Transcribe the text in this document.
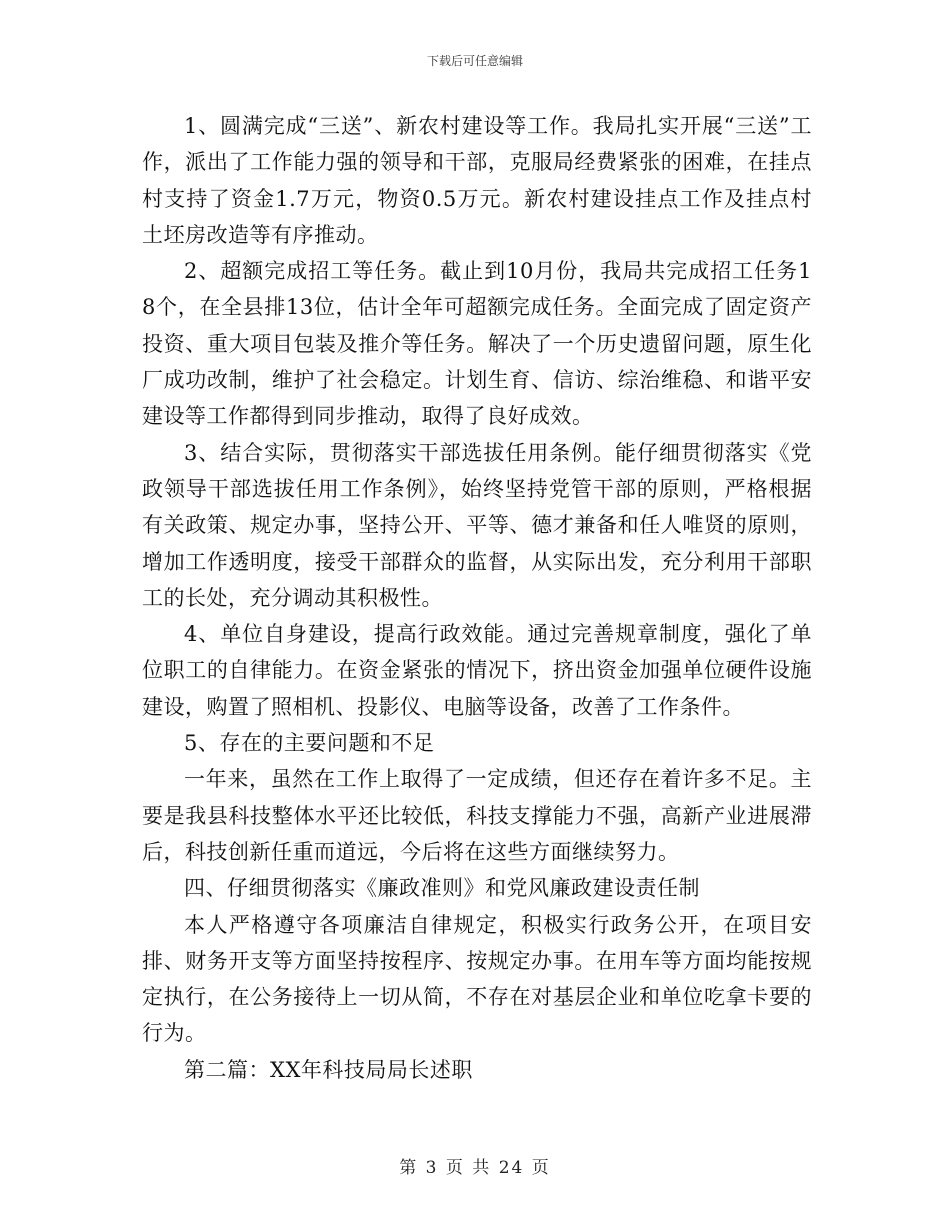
下载后可任意编辑

1、圆满完成“三送”、新农村建设等工作。我局扎实开展“三送”工作，派出了工作能力强的领导和干部，克服局经费紧张的困难，在挂点村支持了资金1.7万元，物资0.5万元。新农村建设挂点工作及挂点村土坯房改造等有序推动。

2、超额完成招工等任务。截止到10月份，我局共完成招工任务18个，在全县排13位，估计全年可超额完成任务。全面完成了固定资产投资、重大项目包装及推介等任务。解决了一个历史遗留问题，原生化厂成功改制，维护了社会稳定。计划生育、信访、综治维稳、和谐平安建设等工作都得到同步推动，取得了良好成效。

3、结合实际，贯彻落实干部选拔任用条例。能仔细贯彻落实《党政领导干部选拔任用工作条例》，始终坚持党管干部的原则，严格根据有关政策、规定办事，坚持公开、平等、德才兼备和任人唯贤的原则，增加工作透明度，接受干部群众的监督，从实际出发，充分利用干部职工的长处，充分调动其积极性。

4、单位自身建设，提高行政效能。通过完善规章制度，强化了单位职工的自律能力。在资金紧张的情况下，挤出资金加强单位硬件设施建设，购置了照相机、投影仪、电脑等设备，改善了工作条件。

5、存在的主要问题和不足

一年来，虽然在工作上取得了一定成绩，但还存在着许多不足。主要是我县科技整体水平还比较低，科技支撑能力不强，高新产业进展滞后，科技创新任重而道远，今后将在这些方面继续努力。

四、仔细贯彻落实《廉政准则》和党风廉政建设责任制

本人严格遵守各项廉洁自律规定，积极实行政务公开，在项目安排、财务开支等方面坚持按程序、按规定办事。在用车等方面均能按规定执行，在公务接待上一切从简，不存在对基层企业和单位吃拿卡要的行为。

第二篇：XX年科技局局长述职

第 3 页 共 24 页
